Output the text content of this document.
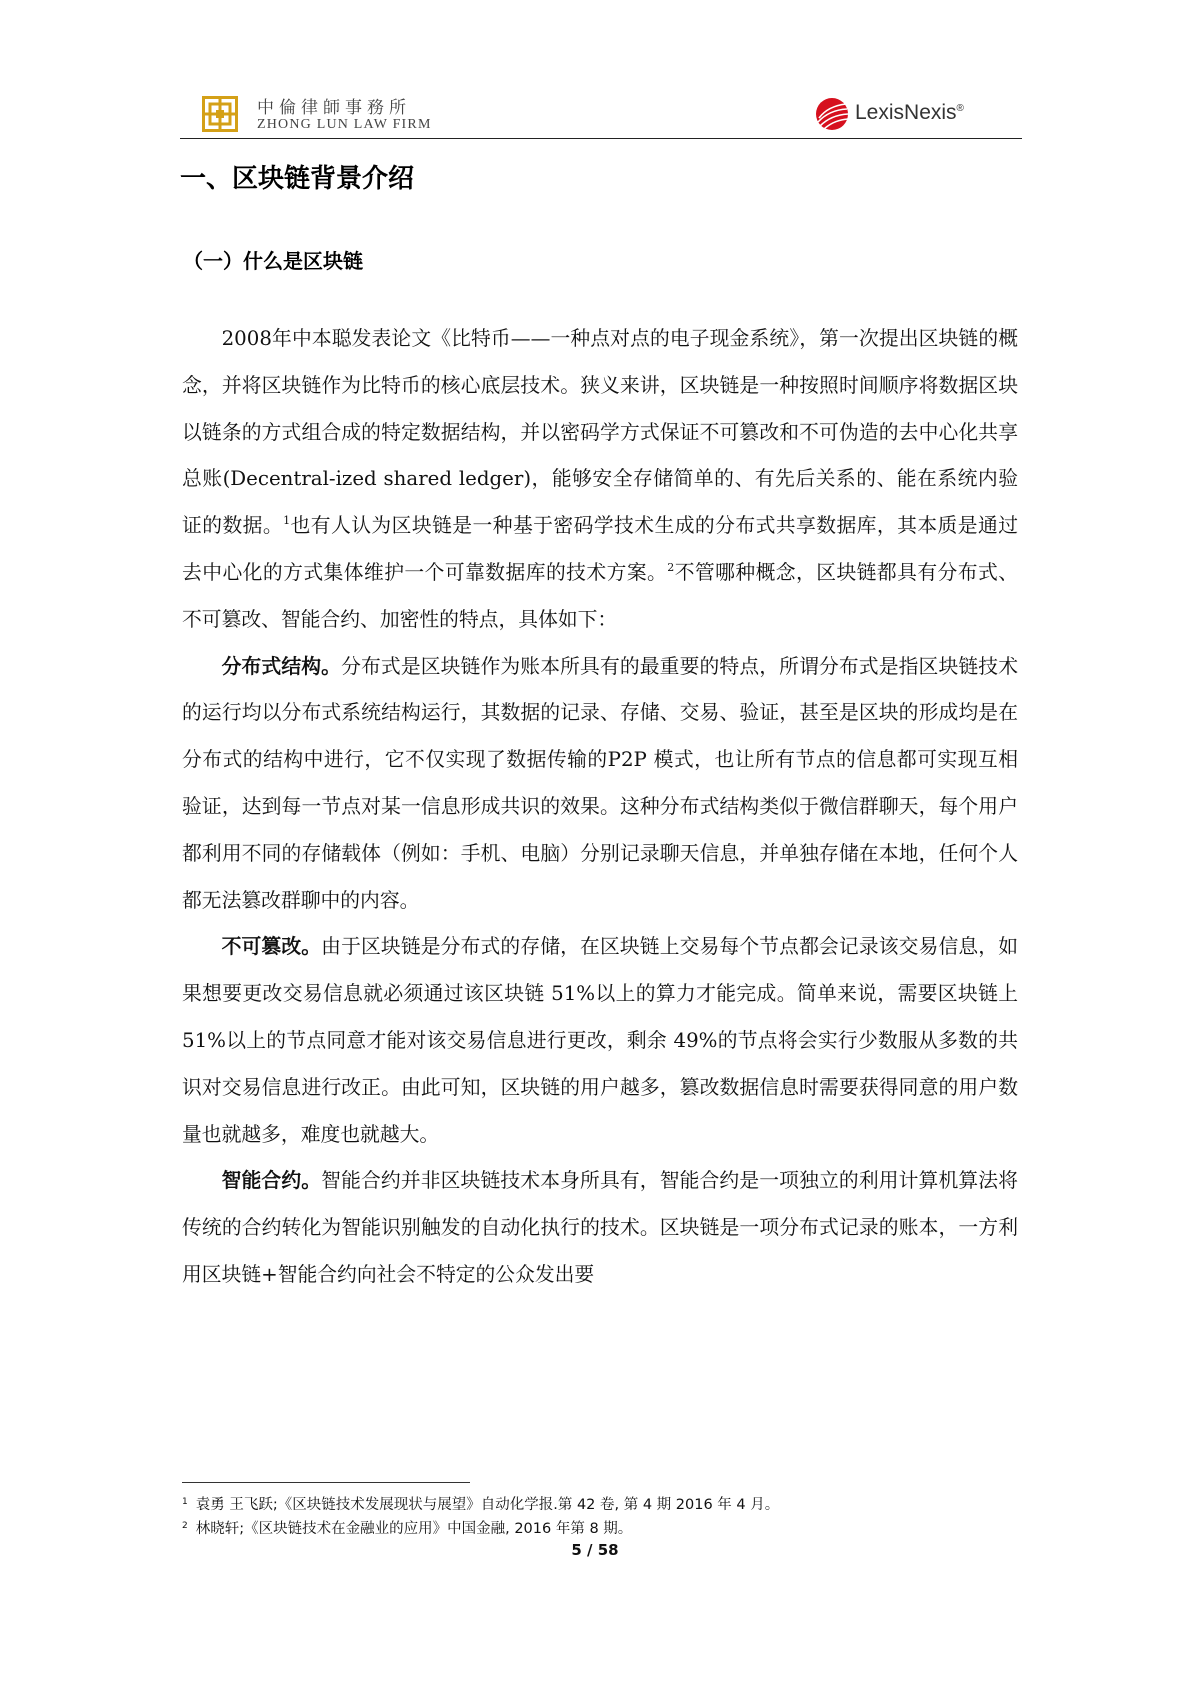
中倫律師事務所
ZHONG LUN LAW FIRM
LexisNexis®
一、区块链背景介绍
（一）什么是区块链

2008年中本聪发表论文《比特币——一种点对点的电子现金系统》，第一次提出区块链的概念，并将区块链作为比特币的核心底层技术。狭义来讲，区块链是一种按照时间顺序将数据区块以链条的方式组合成的特定数据结构，并以密码学方式保证不可篡改和不可伪造的去中心化共享总账(Decentral-ized shared ledger)，能够安全存储简单的、有先后关系的、能在系统内验证的数据。$^1$也有人认为区块链是一种基于密码学技术生成的分布式共享数据库，其本质是通过去中心化的方式集体维护一个可靠数据库的技术方案。$^2$不管哪种概念，区块链都具有分布式、不可篡改、智能合约、加密性的特点，具体如下：

分布式结构。分布式是区块链作为账本所具有的最重要的特点，所谓分布式是指区块链技术的运行均以分布式系统结构运行，其数据的记录、存储、交易、验证，甚至是区块的形成均是在分布式的结构中进行，它不仅实现了数据传输的P2P 模式，也让所有节点的信息都可实现互相验证，达到每一节点对某一信息形成共识的效果。这种分布式结构类似于微信群聊天，每个用户都利用不同的存储载体（例如：手机、电脑）分别记录聊天信息，并单独存储在本地，任何个人都无法篡改群聊中的内容。

不可篡改。由于区块链是分布式的存储，在区块链上交易每个节点都会记录该交易信息，如果想要更改交易信息就必须通过该区块链 51%以上的算力才能完成。简单来说，需要区块链上 51%以上的节点同意才能对该交易信息进行更改，剩余 49%的节点将会实行少数服从多数的共识对交易信息进行改正。由此可知，区块链的用户越多，篡改数据信息时需要获得同意的用户数量也就越多，难度也就越大。

智能合约。智能合约并非区块链技术本身所具有，智能合约是一项独立的利用计算机算法将传统的合约转化为智能识别触发的自动化执行的技术。区块链是一项分布式记录的账本，一方利用区块链+智能合约向社会不特定的公众发出要

$^1$ 袁勇 王飞跃;《区块链技术发展现状与展望》自动化学报.第 42 卷, 第 4 期 2016 年 4 月。
$^2$ 林晓轩;《区块链技术在金融业的应用》中国金融, 2016 年第 8 期。
5 / 58
